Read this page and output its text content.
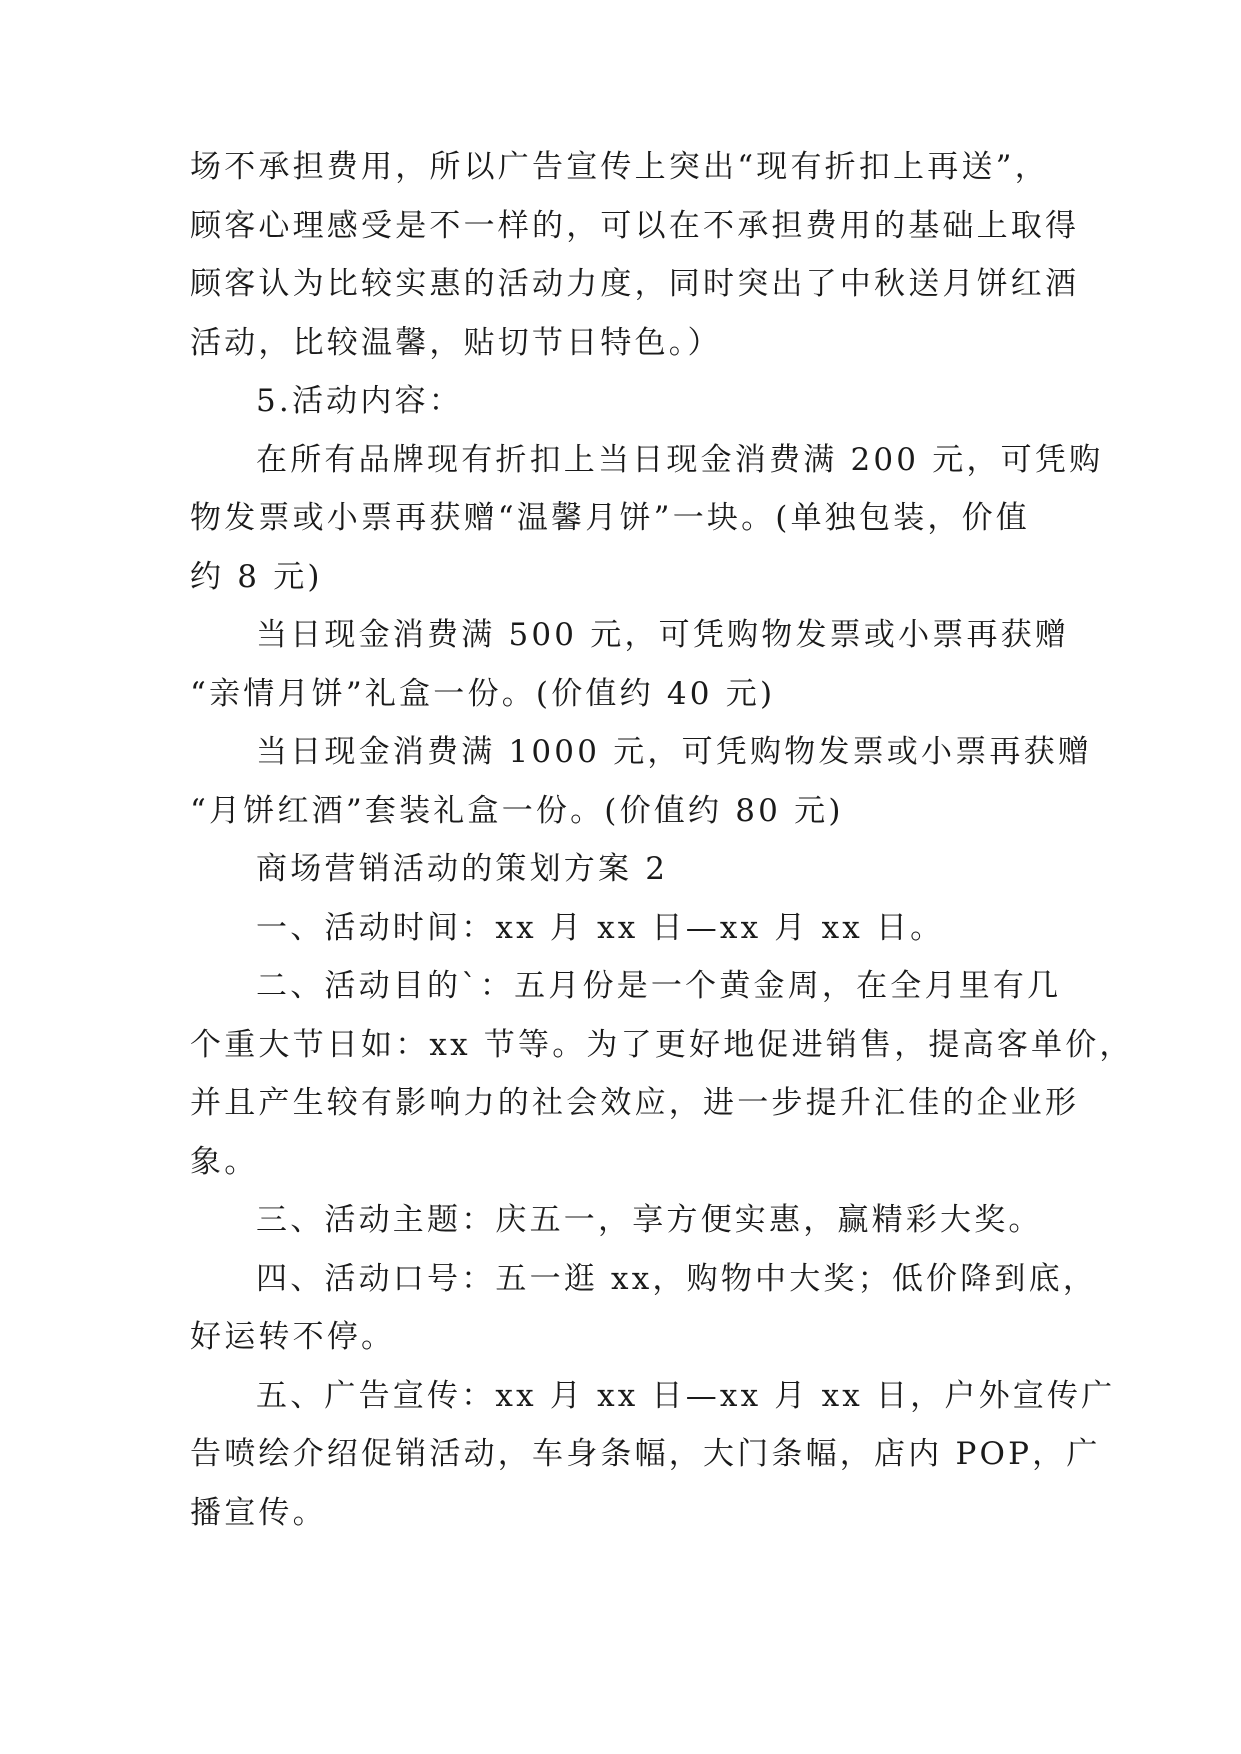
场不承担费用，所以广告宣传上突出“现有折扣上再送”，
顾客心理感受是不一样的，可以在不承担费用的基础上取得
顾客认为比较实惠的活动力度，同时突出了中秋送月饼红酒
活动，比较温馨，贴切节日特色。）
5.活动内容：
在所有品牌现有折扣上当日现金消费满 200 元，可凭购
物发票或小票再获赠“温馨月饼”一块。(单独包装，价值
约 8 元)
当日现金消费满 500 元，可凭购物发票或小票再获赠
“亲情月饼”礼盒一份。(价值约 40 元)
当日现金消费满 1000 元，可凭购物发票或小票再获赠
“月饼红酒”套装礼盒一份。(价值约 80 元)
商场营销活动的策划方案 2
一、活动时间：xx 月 xx 日—xx 月 xx 日。
二、活动目的`：五月份是一个黄金周，在全月里有几
个重大节日如：xx 节等。为了更好地促进销售，提高客单价，
并且产生较有影响力的社会效应，进一步提升汇佳的企业形
象。
三、活动主题：庆五一，享方便实惠，赢精彩大奖。
四、活动口号：五一逛 xx，购物中大奖；低价降到底，
好运转不停。
五、广告宣传：xx 月 xx 日—xx 月 xx 日，户外宣传广
告喷绘介绍促销活动，车身条幅，大门条幅，店内 POP，广
播宣传。
